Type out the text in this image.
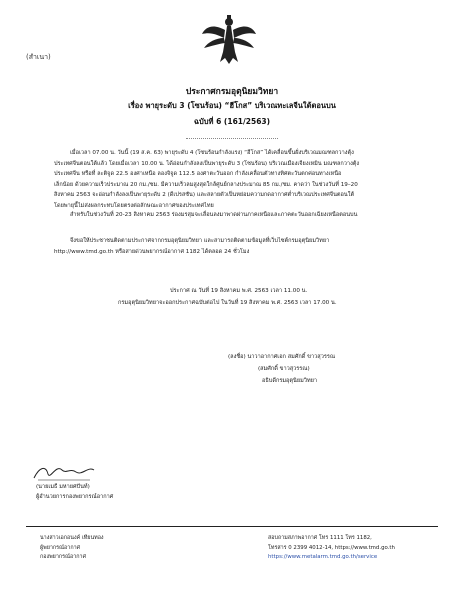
(สำเนา)
ประกาศกรมอุตุนิยมวิทยา
เรื่อง พายุระดับ 3 (โซนร้อน) “ฮีโกส” บริเวณทะเลจีนใต้ตอนบน
ฉบับที่ 6 (161/2563)
เมื่อเวลา 07.00 น. วันนี้ (19 ส.ค. 63) พายุระดับ 4 (โซนร้อนกำลังแรง) “ฮีโกส” ได้เคลื่อนขึ้นฝั่งบริเวณมณฑลกวางตุ้ง
ประเทศจีนตอนใต้แล้ว โดยเมื่อเวลา 10.00 น. ได้อ่อนกำลังลงเป็นพายุระดับ 3 (โซนร้อน) บริเวณเมืองเจียงเหมิน มณฑลกวางตุ้ง
ประเทศจีน หรือที่ ละติจูด 22.5 องศาเหนือ ลองจิจูด 112.5 องศาตะวันออก กำลังเคลื่อนตัวทางทิศตะวันตกค่อนทางเหนือ
เล็กน้อย ด้วยความเร็วประมาณ 20 กม./ชม. มีความเร็วลมสูงสุดใกล้ศูนย์กลางประมาณ 85 กม./ชม. คาดว่า ในช่วงวันที่ 19–20
สิงหาคม 2563 จะอ่อนกำลังลงเป็นพายุระดับ 2 (ดีเปรสชัน) และสลายตัวเป็นหย่อมความกดอากาศต่ำบริเวณประเทศจีนตอนใต้
โดยพายุนี้ไม่ส่งผลกระทบโดยตรงต่อลักษณะอากาศของประเทศไทย
สำหรับในช่วงวันที่ 20-23 สิงหาคม 2563 ร่องมรสุมจะเลื่อนลงมาพาดผ่านภาคเหนือและภาคตะวันออกเฉียงเหนือตอนบน
จึงขอให้ประชาชนติดตามประกาศจากกรมอุตุนิยมวิทยา และสามารถติดตามข้อมูลที่เว็บไซต์กรมอุตุนิยมวิทยา
http://www.tmd.go.th หรือสายด่วนพยากรณ์อากาศ 1182 ได้ตลอด 24 ชั่วโมง
ประกาศ ณ วันที่ 19 สิงหาคม พ.ศ. 2563 เวลา 11.00 น.
กรมอุตุนิยมวิทยาจะออกประกาศฉบับต่อไป ในวันที่ 19 สิงหาคม พ.ศ. 2563 เวลา 17.00 น.
(ลงชื่อ) นาวาอากาศเอก สมศักดิ์ ขาวสุวรรณ
(สมศักดิ์ ขาวสุวรรณ)
อธิบดีกรมอุตุนิยมวิทยา
(นายเมธี มหายศปันท์)
ผู้อำนวยการกองพยากรณ์อากาศ
นางสาวเอกอนงค์ เทียนทอง
ผู้พยากรณ์อากาศ
กองพยากรณ์อากาศ
สอบถามสภาพอากาศ โทร 1111 โทร 1182,
โทรสาร 0 2399 4012-14, https://www.tmd.go.th
https://www.metalarm.tmd.go.th/service
